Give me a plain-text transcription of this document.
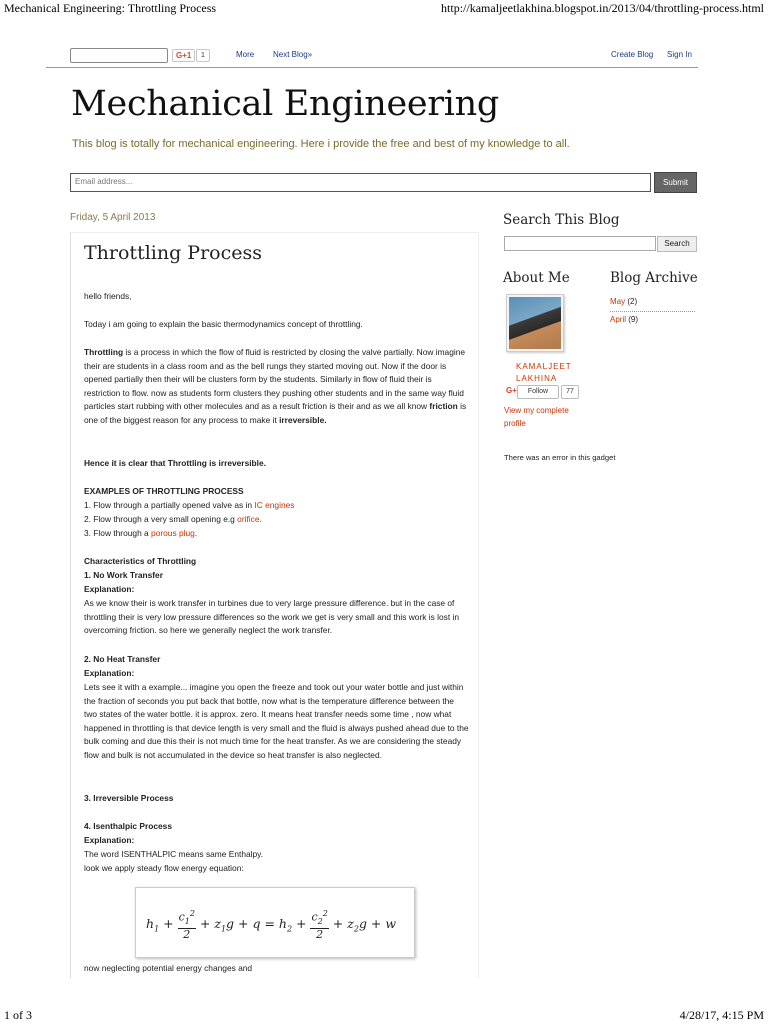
Mechanical Engineering: Throttling Process	http://kamaljeetlakhina.blogspot.in/2013/04/throttling-process.html
1 of 3	4/28/17, 4:15 PM
G+1	1	More Next Blog»	Create Blog Sign In
Mechanical Engineering
This blog is totally for mechanical engineering. Here i provide the free and best of my knowledge to all.
Email address...	Submit
Friday, 5 April 2013
Throttling Process
hello friends,
Today i am going to explain the basic thermodynamics concept of throttling.
Throttling is a process in which the flow of fluid is restricted by closing the valve partially. Now imagine their are students in a class room and as the bell rungs they started moving out. Now if the door is opened partially then their will be clusters form by the students. Similarly in flow of fluid their is restriction to flow. now as students form clusters they pushing other students and in the same way fluid particles start rubbing with other molecules and as a result friction is their and as we all know friction is one of the biggest reason for any process to make it irreversible.
Hence it is clear that Throttling is irreversible.
EXAMPLES OF THROTTLING PROCESS
1. Flow through a partially opened valve as in IC engines
2. Flow through a very small opening e.g orifice.
3. Flow through a porous plug.
Characteristics of Throttling
1. No Work Transfer
Explanation:
As we know their is work transfer in turbines due to very large pressure difference. but in the case of throttling their is very low pressure differences so the work we get is very small and this work is lost in overcoming friction. so here we generally neglect the work transfer.
2. No Heat Transfer
Explanation:
Lets see it with a example... imagine you open the freeze and took out your water bottle and just within the fraction of seconds you put back that bottle, now what is the temperature difference between the two states of the water bottle. it is approx. zero. It means heat transfer needs some time , now what happened in throttling is that device length is very small and the fluid is always pushed ahead due to the bulk coming and due this their is not much time for the heat transfer. As we are considering the steady flow and bulk is not accumulated in the device so heat transfer is also neglected.
3. Irreversible Process
4. Isenthalpic Process
Explanation:
The word ISENTHALPIC means same Enthalpy.
look we apply steady flow energy equation:
$h_1 + \frac{c_1^2}{2} + z_1g + q = h_2 + \frac{c_2^2}{2} + z_2g + w$
now neglecting potential energy changes and
Search This Blog
Search
About Me
KAMALJEET
LAKHINA
G+	Follow	77
View my complete
profile
There was an error in this gadget
Blog Archive
May (2)
April (9)
